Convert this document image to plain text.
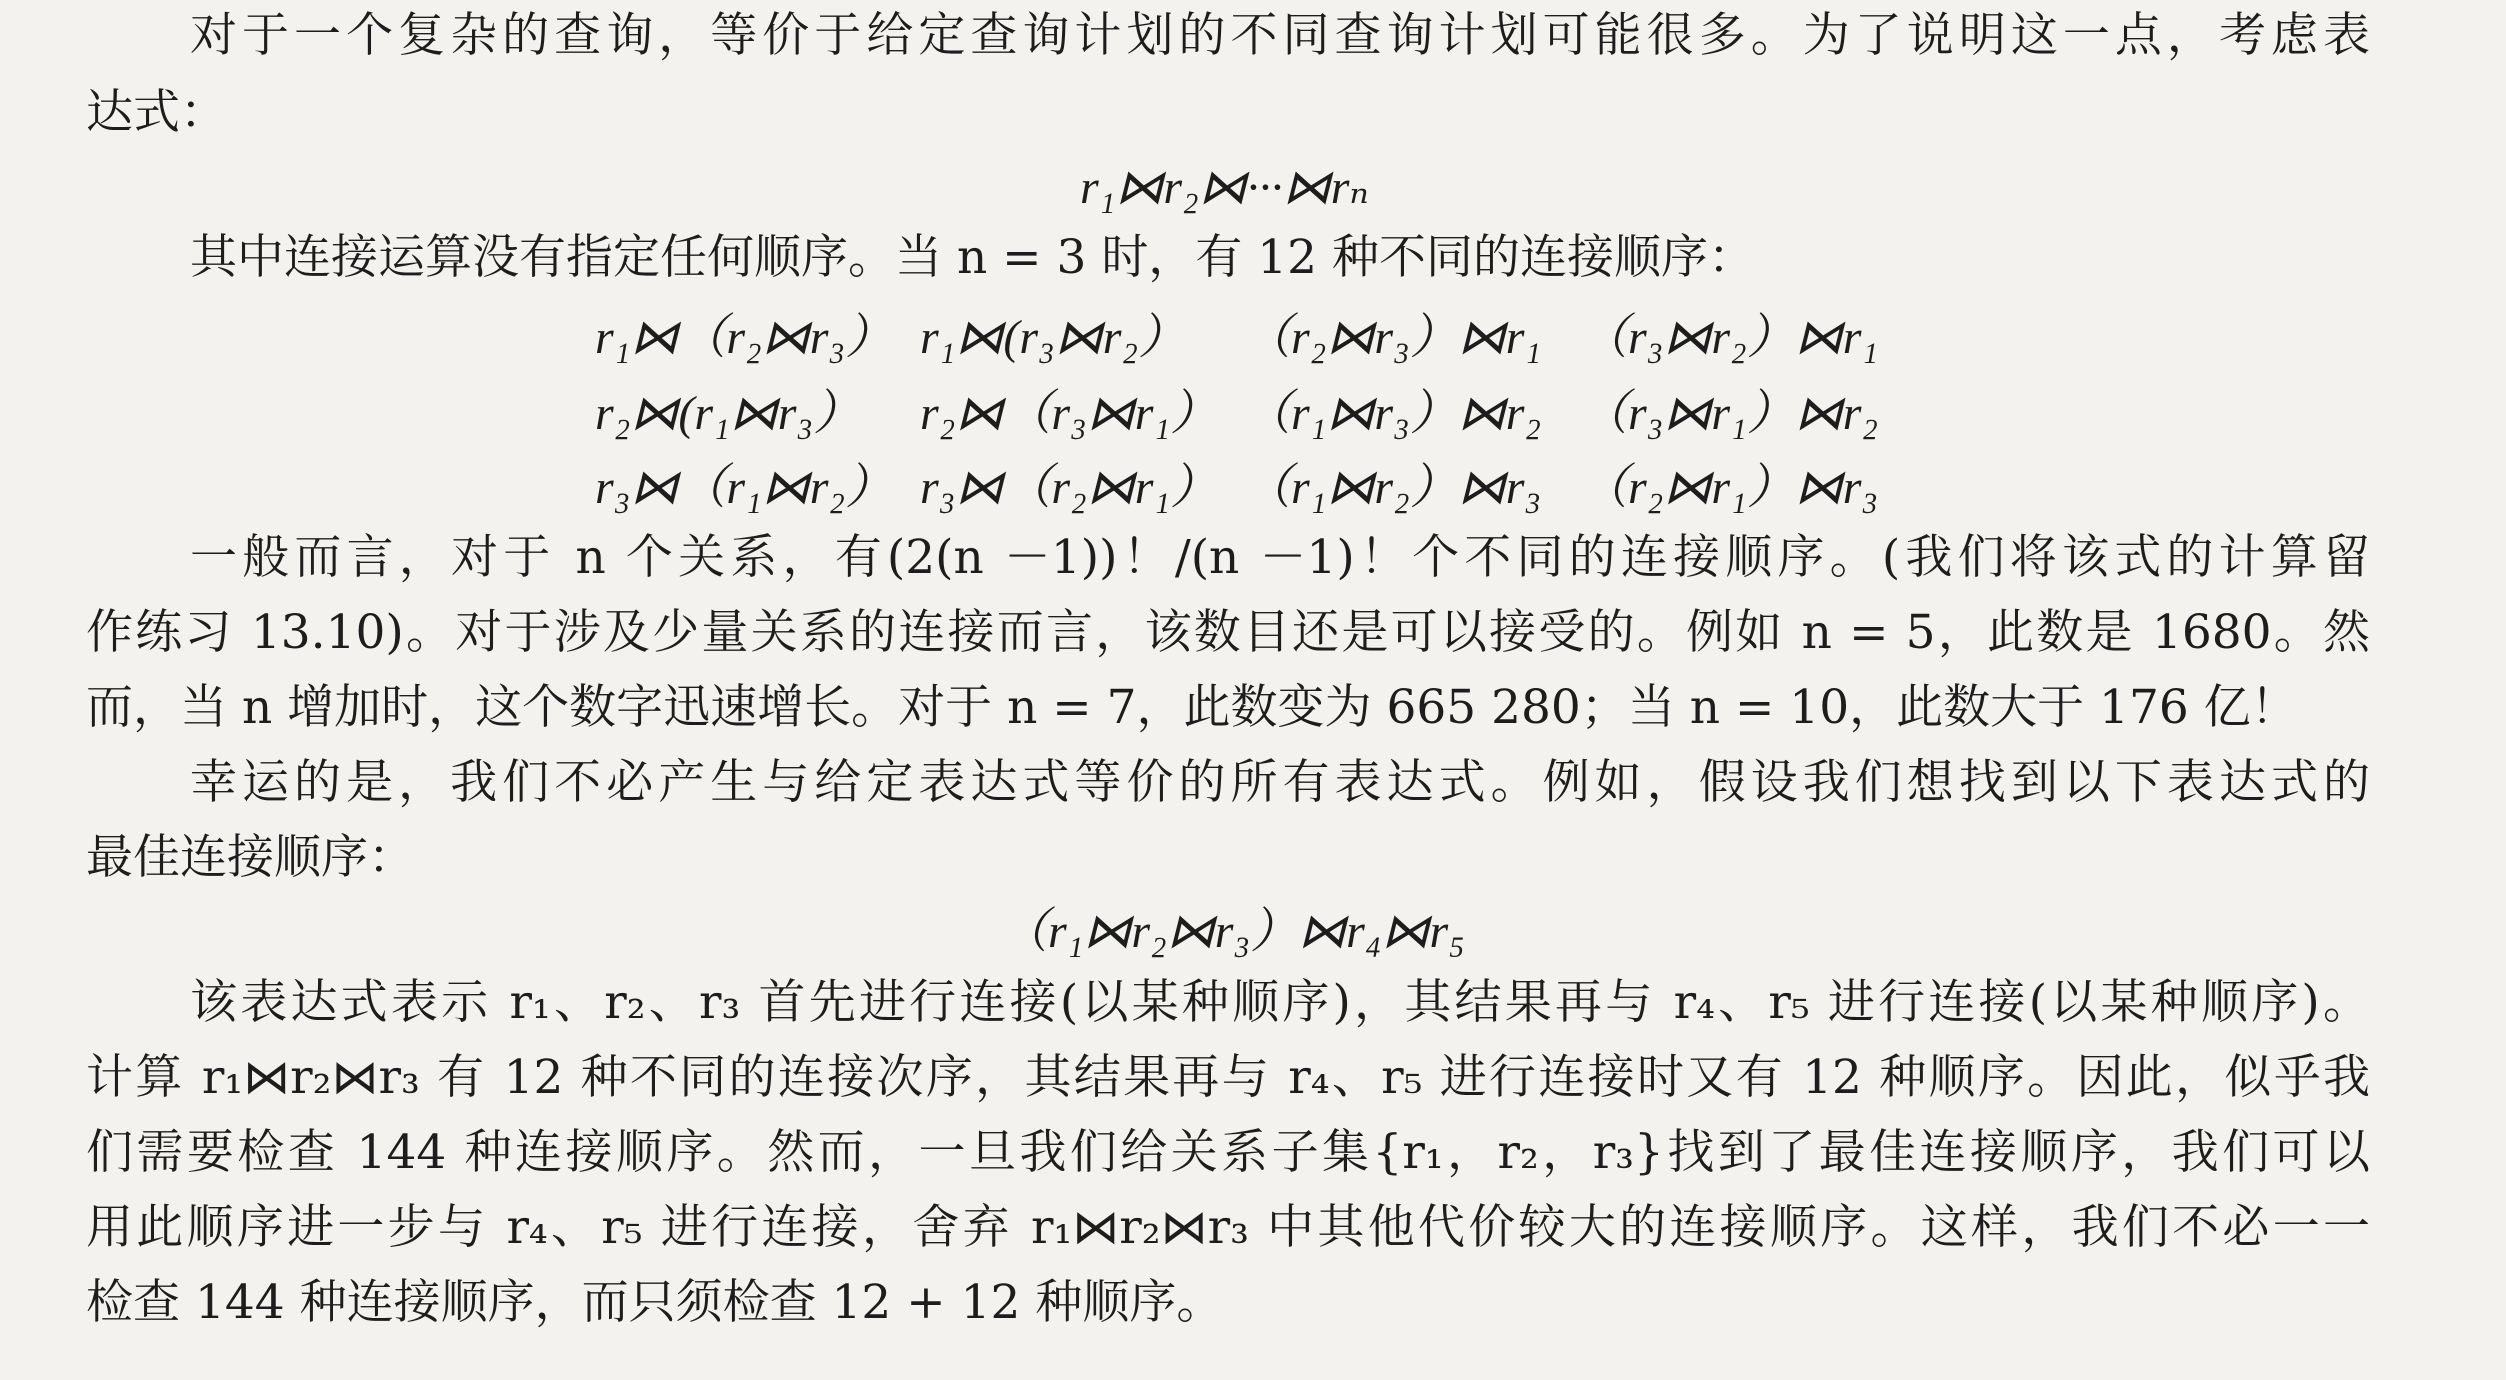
对于一个复杂的查询，等价于给定查询计划的不同查询计划可能很多。为了说明这一点，考虑表
达式：
r₁⋈r₂⋈···⋈rₙ
其中连接运算没有指定任何顺序。当 n = 3 时，有 12 种不同的连接顺序：
r₁⋈（r₂⋈r₃） r₁⋈(r₃⋈r₂） （r₂⋈r₃）⋈r₁ （r₃⋈r₂）⋈r₁
r₂⋈(r₁⋈r₃） r₂⋈（r₃⋈r₁） （r₁⋈r₃）⋈r₂ （r₃⋈r₁）⋈r₂
r₃⋈（r₁⋈r₂） r₃⋈（r₂⋈r₁） （r₁⋈r₂）⋈r₃ （r₂⋈r₁）⋈r₃
一般而言，对于 n 个关系，有(2(n －1))！/(n －1)！个不同的连接顺序。(我们将该式的计算留
作练习 13.10)。对于涉及少量关系的连接而言，该数目还是可以接受的。例如 n = 5，此数是 1680。然
而，当 n 增加时，这个数字迅速增长。对于 n = 7，此数变为 665 280；当 n = 10，此数大于 176 亿！
幸运的是，我们不必产生与给定表达式等价的所有表达式。例如，假设我们想找到以下表达式的
最佳连接顺序：
（r₁⋈r₂⋈r₃）⋈r₄⋈r₅
该表达式表示 r₁、r₂、r₃ 首先进行连接(以某种顺序)，其结果再与 r₄、r₅ 进行连接(以某种顺序)。
计算 r₁⋈r₂⋈r₃ 有 12 种不同的连接次序，其结果再与 r₄、r₅ 进行连接时又有 12 种顺序。因此，似乎我
们需要检查 144 种连接顺序。然而，一旦我们给关系子集{r₁，r₂，r₃}找到了最佳连接顺序，我们可以
用此顺序进一步与 r₄、r₅ 进行连接，舍弃 r₁⋈r₂⋈r₃ 中其他代价较大的连接顺序。这样，我们不必一一
检查 144 种连接顺序，而只须检查 12 + 12 种顺序。
